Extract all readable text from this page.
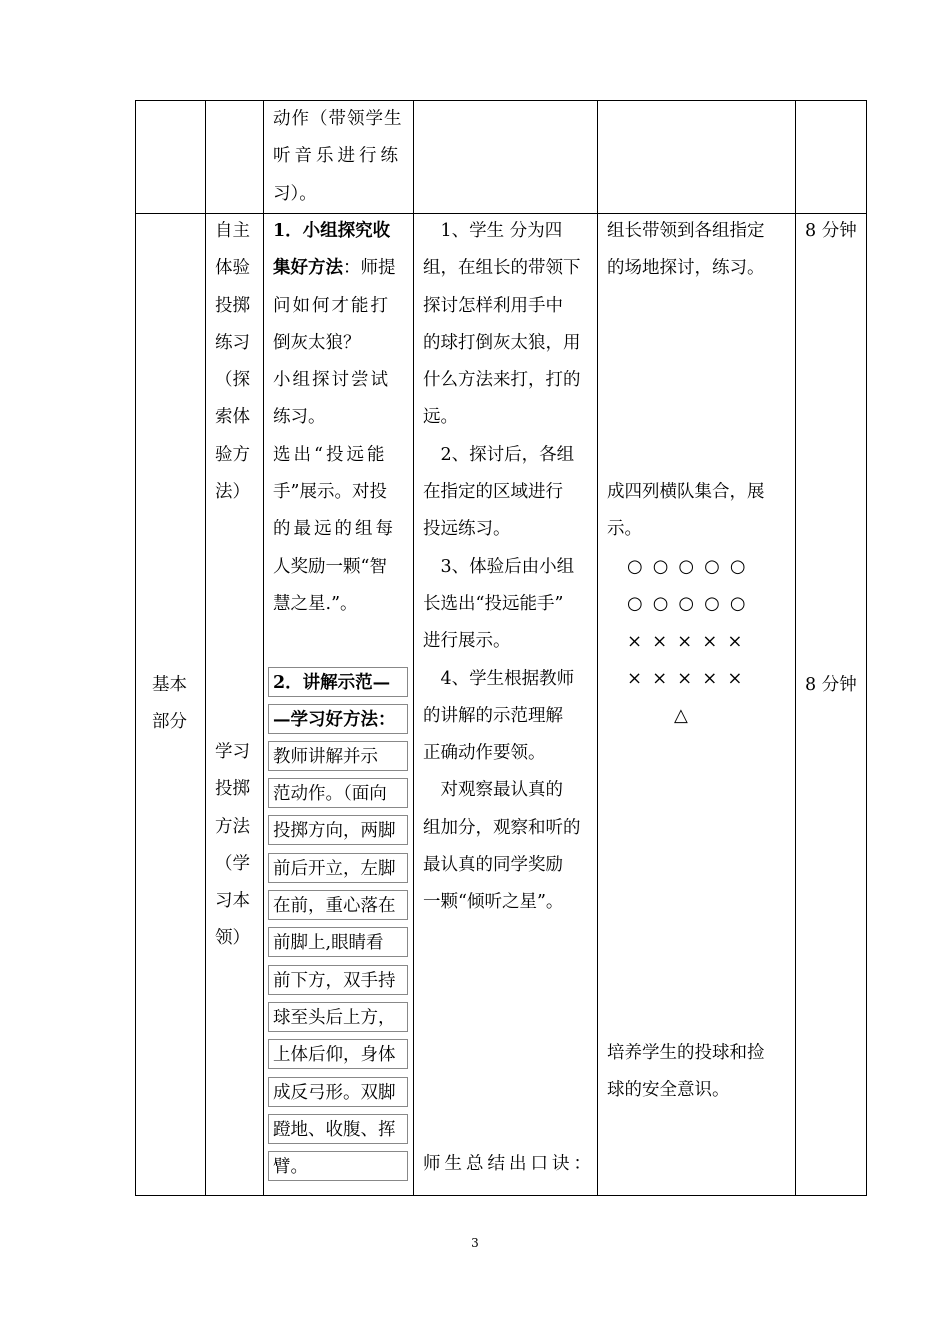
动作（带领学生

听音乐进行练

习）。

基本

部分

自主

体验

投掷

练习

（探

索体

验方

法）

学习

投掷

方法

（学

习本

领）

1．小组探究收

集好方法：师提

问如何才能打

倒灰太狼？

小组探讨尝试

练习。

选出“投远能

手”展示。对投

的最远的组每

人奖励一颗“智

慧之星.”。

2．讲解示范—
—学习好方法：
教师讲解并示
范动作。（面向
投掷方向，两脚
前后开立，左脚
在前，重心落在
前脚上,眼睛看
前下方，双手持
球至头后上方，
上体后仰，身体
成反弓形。双脚
蹬地、收腹、挥
臂。

　1、学生 分为四

组，在组长的带领下

探讨怎样利用手中

的球打倒灰太狼，用

什么方法来打，打的

远。

　2、探讨后，各组

在指定的区域进行

投远练习。

　3、体验后由小组

长选出“投远能手”

进行展示。

　4、学生根据教师

的讲解的示范理解

正确动作要领。

　对观察最认真的

组加分，观察和听的

最认真的同学奖励

一颗“倾听之星”。

师生总结出口诀：

组长带领到各组指定

的场地探讨，练习。

成四列横队集合，展

示。

○○○○○

○○○○○

×××××

×××××

△

培养学生的投球和捡

球的安全意识。

8 分钟

8 分钟

3
